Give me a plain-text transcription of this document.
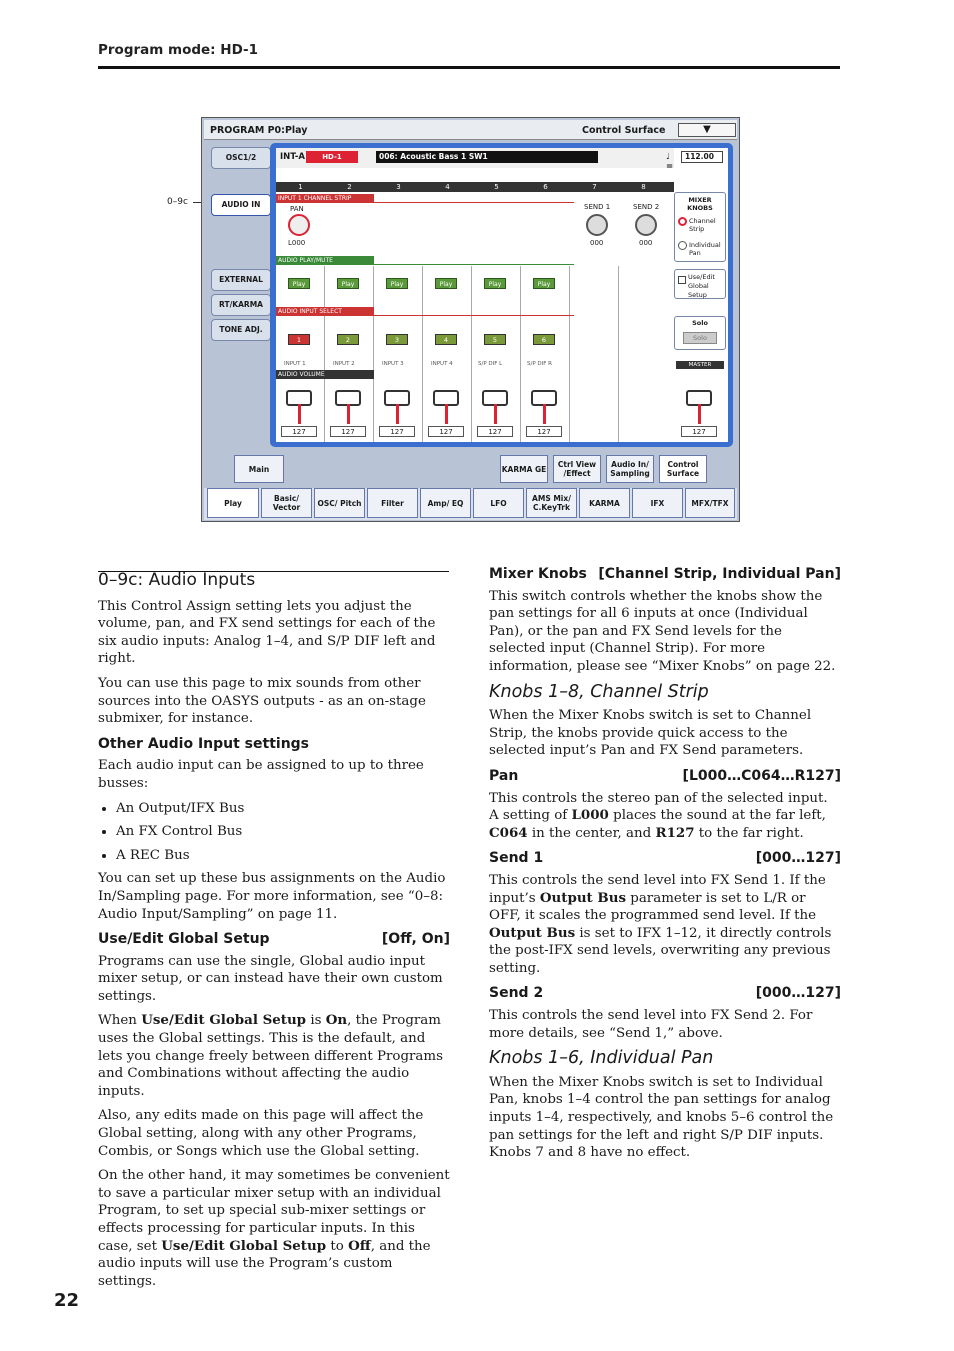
Program mode: HD-1
0–9c
PROGRAM P0:Play	Control Surface	▼
OSC1/2
AUDIO IN
EXTERNAL
RT/KARMA
TONE ADJ.
INT-A	HD-1	006: Acoustic Bass 1 SW1	♩ =
112.00
1	2	3	4	5	6	7	8
INPUT 1 CHANNEL STRIP
PAN
L000
SEND 1
000
SEND 2
000
AUDIO PLAY/MUTE
Play	Play	Play	Play	Play	Play
AUDIO INPUT SELECT
1	2	3	4	5	6
INPUT 1	INPUT 2	INPUT 3	INPUT 4	S/P DIF L	S/P DIF R
AUDIO VOLUME
127	127	127	127	127	127
MIXER KNOBS
Channel Strip
Individual Pan
Use/Edit Global Setup
Solo
Solo
MASTER
127
Main	KARMA GE	Ctrl View /Effect
Audio In/ Sampling
Control Surface
Play	Basic/ Vector	OSC/ Pitch	Filter	Amp/ EQ	LFO	AMS Mix/ C.KeyTrk	KARMA	IFX	MFX/TFX
0–9c: Audio Inputs

This Control Assign setting lets you adjust the volume, pan, and FX send settings for each of the six audio inputs: Analog 1–4, and S/P DIF left and right.

You can use this page to mix sounds from other sources into the OASYS outputs - as an on-stage submixer, for instance.

Other Audio Input settings

Each audio input can be assigned to up to three busses:

• An Output/IFX Bus
• An FX Control Bus
• A REC Bus

You can set up these bus assignments on the Audio In/Sampling page. For more information, see “0–8: Audio Input/Sampling” on page 11.

Use/Edit Global Setup	[Off, On]

Programs can use the single, Global audio input mixer setup, or can instead have their own custom settings.

When Use/Edit Global Setup is On, the Program uses the Global settings. This is the default, and lets you change freely between different Programs and Combinations without affecting the audio inputs.

Also, any edits made on this page will affect the Global setting, along with any other Programs, Combis, or Songs which use the Global setting.

On the other hand, it may sometimes be convenient to save a particular mixer setup with an individual Program, to set up special sub-mixer settings or effects processing for particular inputs. In this case, set Use/Edit Global Setup to Off, and the audio inputs will use the Program’s custom settings.

Mixer Knobs [Channel Strip, Individual Pan]

This switch controls whether the knobs show the pan settings for all 6 inputs at once (Individual Pan), or the pan and FX Send levels for the selected input (Channel Strip). For more information, please see “Mixer Knobs” on page 22.

Knobs 1–8, Channel Strip

When the Mixer Knobs switch is set to Channel Strip, the knobs provide quick access to the selected input’s Pan and FX Send parameters.

Pan	[L000…C064…R127]

This controls the stereo pan of the selected input. A setting of L000 places the sound at the far left, C064 in the center, and R127 to the far right.

Send 1	[000…127]

This controls the send level into FX Send 1. If the input’s Output Bus parameter is set to L/R or OFF, it scales the programmed send level. If the Output Bus is set to IFX 1–12, it directly controls the post-IFX send levels, overwriting any previous setting.

Send 2	[000…127]

This controls the send level into FX Send 2. For more details, see “Send 1,” above.

Knobs 1–6, Individual Pan

When the Mixer Knobs switch is set to Individual Pan, knobs 1–4 control the pan settings for analog inputs 1–4, respectively, and knobs 5–6 control the pan settings for the left and right S/P DIF inputs. Knobs 7 and 8 have no effect.

22
